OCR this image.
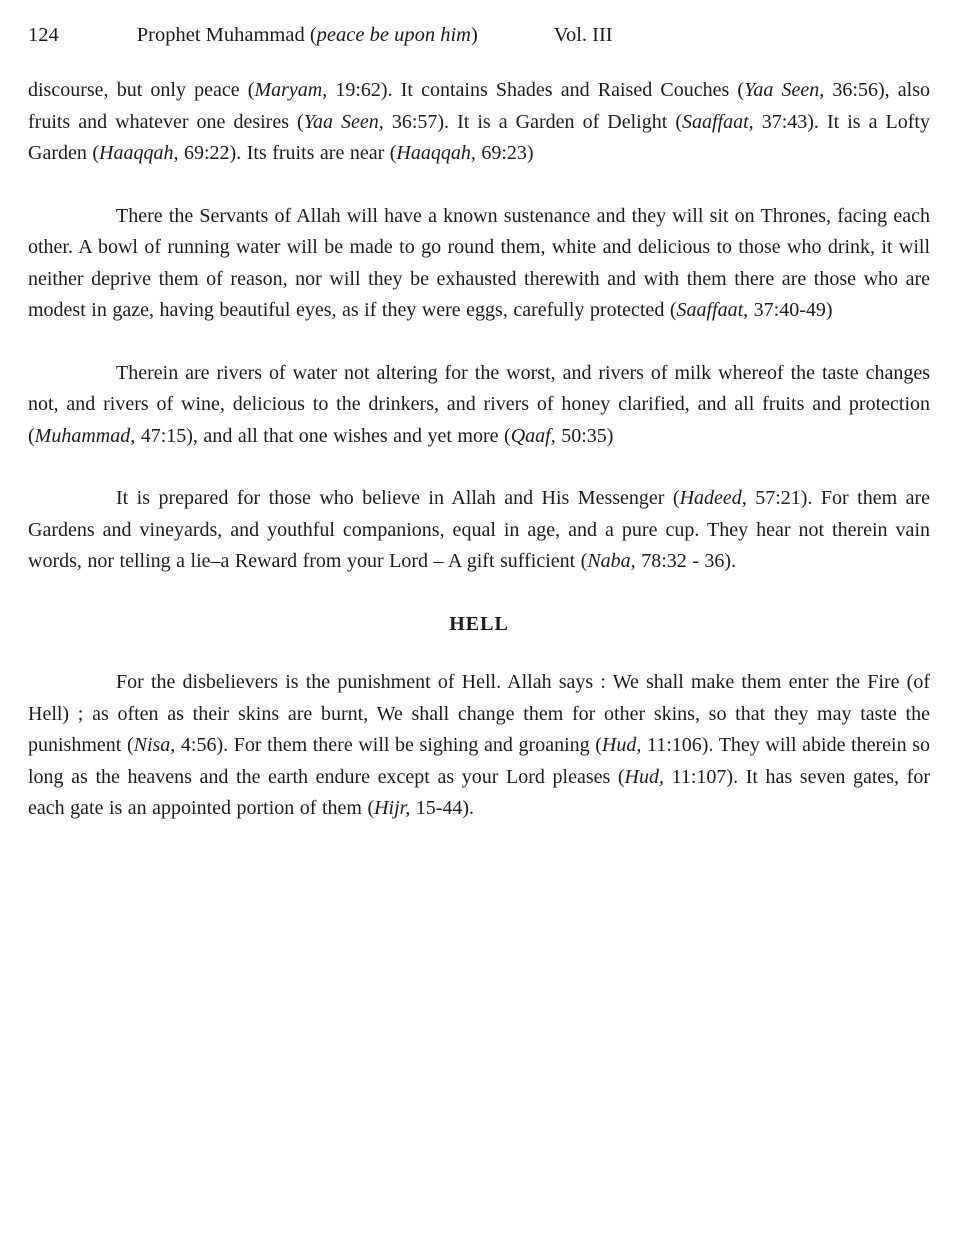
124	Prophet Muhammad (peace be upon him)	Vol. III

discourse, but only peace (Maryam, 19:62). It contains Shades and Raised Couches (Yaa Seen, 36:56), also fruits and whatever one desires (Yaa Seen, 36:57). It is a Garden of Delight (Saaffaat, 37:43). It is a Lofty Garden (Haaqqah, 69:22). Its fruits are near (Haaqqah, 69:23)

There the Servants of Allah will have a known sustenance and they will sit on Thrones, facing each other. A bowl of running water will be made to go round them, white and delicious to those who drink, it will neither deprive them of reason, nor will they be exhausted therewith and with them there are those who are modest in gaze, having beautiful eyes, as if they were eggs, carefully protected (Saaffaat, 37:40-49)

Therein are rivers of water not altering for the worst, and rivers of milk whereof the taste changes not, and rivers of wine, delicious to the drinkers, and rivers of honey clarified, and all fruits and protection (Muhammad, 47:15), and all that one wishes and yet more (Qaaf, 50:35)

It is prepared for those who believe in Allah and His Messenger (Hadeed, 57:21). For them are Gardens and vineyards, and youthful companions, equal in age, and a pure cup. They hear not therein vain words, nor telling a lie–a Reward from your Lord – A gift sufficient (Naba, 78:32 - 36).

HELL

For the disbelievers is the punishment of Hell. Allah says : We shall make them enter the Fire (of Hell) ; as often as their skins are burnt, We shall change them for other skins, so that they may taste the punishment (Nisa, 4:56). For them there will be sighing and groaning (Hud, 11:106). They will abide therein so long as the heavens and the earth endure except as your Lord pleases (Hud, 11:107). It has seven gates, for each gate is an appointed portion of them (Hijr, 15-44).
